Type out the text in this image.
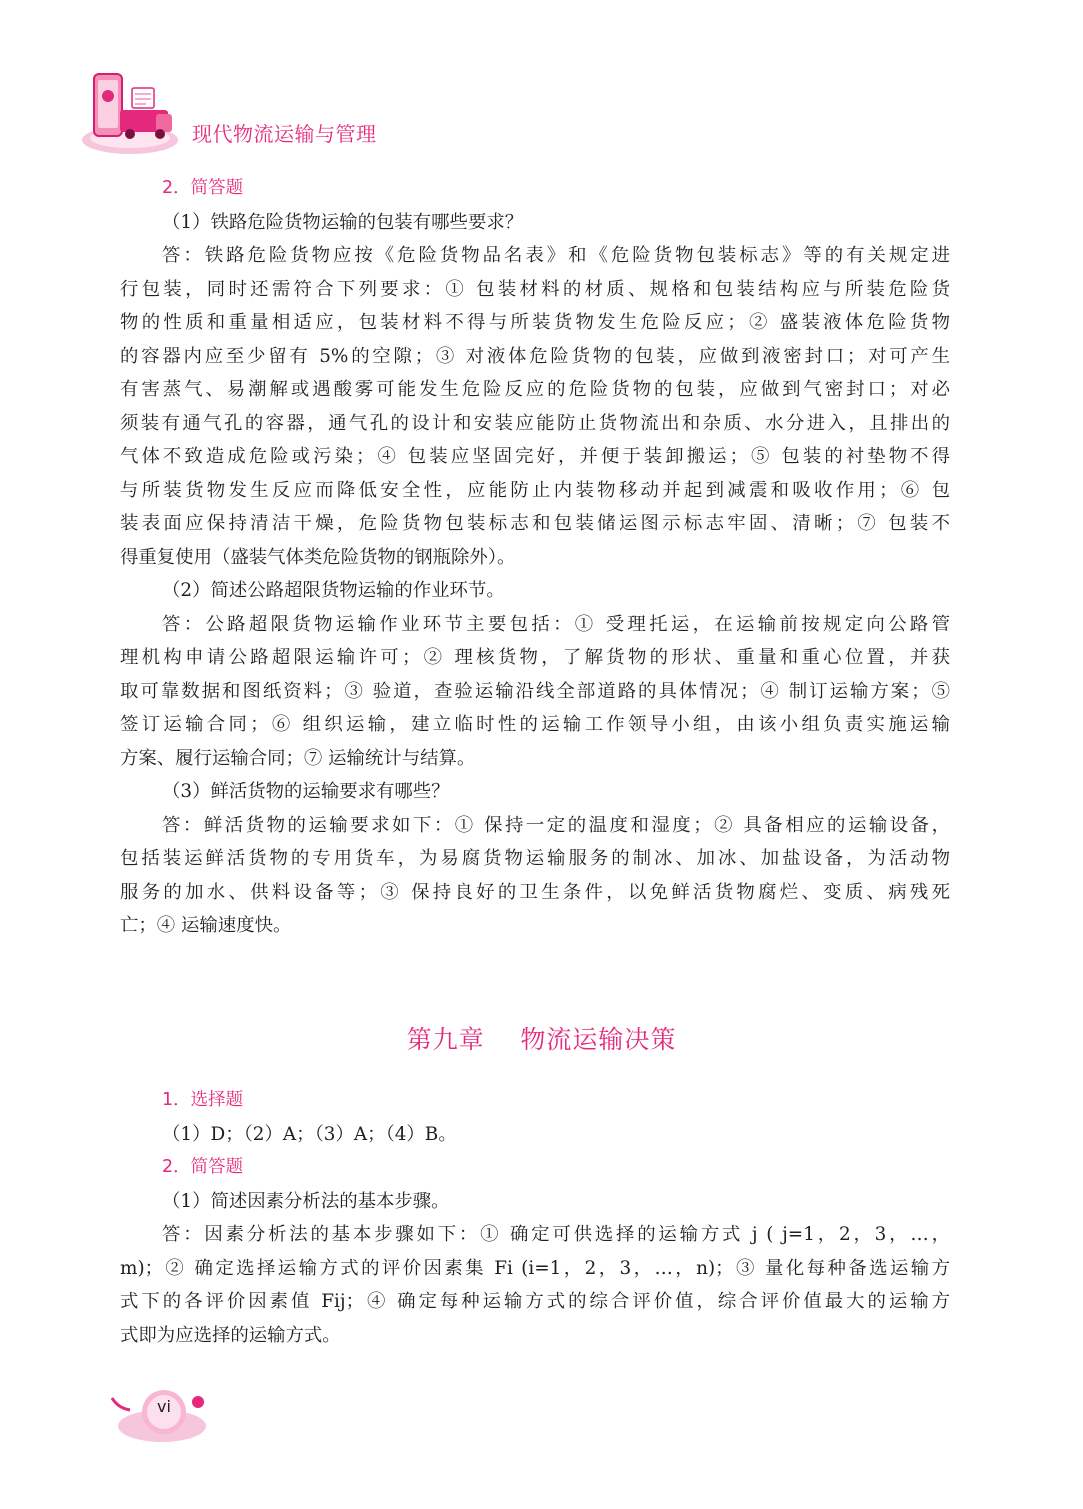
现代物流运输与管理
2．简答题
（1）铁路危险货物运输的包装有哪些要求？
答：铁路危险货物应按《危险货物品名表》和《危险货物包装标志》等的有关规定进
行包装，同时还需符合下列要求：① 包装材料的材质、规格和包装结构应与所装危险货
物的性质和重量相适应，包装材料不得与所装货物发生危险反应；② 盛装液体危险货物
的容器内应至少留有 5%的空隙；③ 对液体危险货物的包装，应做到液密封口；对可产生
有害蒸气、易潮解或遇酸雾可能发生危险反应的危险货物的包装，应做到气密封口；对必
须装有通气孔的容器，通气孔的设计和安装应能防止货物流出和杂质、水分进入，且排出的
气体不致造成危险或污染；④ 包装应坚固完好，并便于装卸搬运；⑤ 包装的衬垫物不得
与所装货物发生反应而降低安全性，应能防止内装物移动并起到减震和吸收作用；⑥ 包
装表面应保持清洁干燥，危险货物包装标志和包装储运图示标志牢固、清晰；⑦ 包装不
得重复使用（盛装气体类危险货物的钢瓶除外）。
（2）简述公路超限货物运输的作业环节。
答：公路超限货物运输作业环节主要包括：① 受理托运，在运输前按规定向公路管
理机构申请公路超限运输许可；② 理核货物，了解货物的形状、重量和重心位置，并获
取可靠数据和图纸资料；③ 验道，查验运输沿线全部道路的具体情况；④ 制订运输方案；⑤
签订运输合同；⑥ 组织运输，建立临时性的运输工作领导小组，由该小组负责实施运输
方案、履行运输合同；⑦ 运输统计与结算。
（3）鲜活货物的运输要求有哪些？
答：鲜活货物的运输要求如下：① 保持一定的温度和湿度；② 具备相应的运输设备，
包括装运鲜活货物的专用货车，为易腐货物运输服务的制冰、加冰、加盐设备，为活动物
服务的加水、供料设备等；③ 保持良好的卫生条件，以免鲜活货物腐烂、变质、病残死
亡；④ 运输速度快。
第九章    物流运输决策
1．选择题
（1）D；（2）A；（3）A；（4）B。
2．简答题
（1）简述因素分析法的基本步骤。
答：因素分析法的基本步骤如下：① 确定可供选择的运输方式 j ( j=1，2，3，…，
m)；② 确定选择运输方式的评价因素集 Fi (i=1，2，3，…，n)；③ 量化每种备选运输方
式下的各评价因素值 Fij；④ 确定每种运输方式的综合评价值，综合评价值最大的运输方
式即为应选择的运输方式。
vi
